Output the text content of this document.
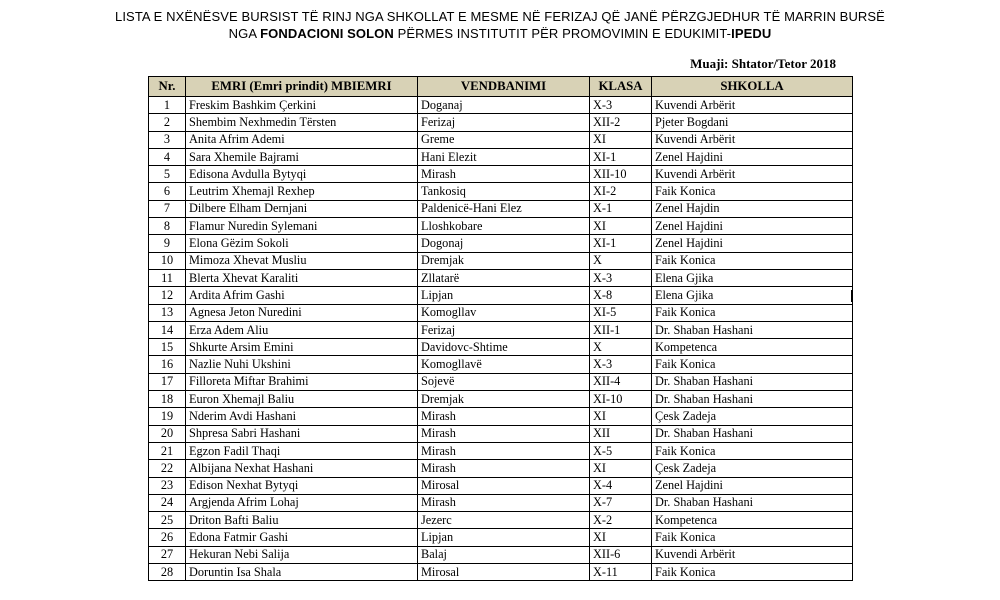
LISTA E NXËNËSVE BURSIST TË RINJ NGA SHKOLLAT E MESME NË FERIZAJ QË JANË PËRZGJEDHUR TË MARRIN BURSË
NGA FONDACIONI SOLON PËRMES INSTITUTIT PËR PROMOVIMIN E EDUKIMIT-IPEDU
Muaji: Shtator/Tetor 2018
Nr.	EMRI (Emri prindit) MBIEMRI	VENDBANIMI	KLASA	SHKOLLA
1	Freskim Bashkim Çerkini	Doganaj	X-3	Kuvendi Arbërit
2	Shembim Nexhmedin Tërsten	Ferizaj	XII-2	Pjeter Bogdani
3	Anita Afrim Ademi	Greme	XI	Kuvendi Arbërit
4	Sara Xhemile Bajrami	Hani Elezit	XI-1	Zenel Hajdini
5	Edisona Avdulla Bytyqi	Mirash	XII-10	Kuvendi Arbërit
6	Leutrim Xhemajl Rexhep	Tankosiq	XI-2	Faik Konica
7	Dilbere Elham Dernjani	Paldenicë-Hani Elez	X-1	Zenel Hajdin
8	Flamur Nuredin Sylemani	Lloshkobare	XI	Zenel Hajdini
9	Elona Gëzim Sokoli	Dogonaj	XI-1	Zenel Hajdini
10	Mimoza Xhevat Musliu	Dremjak	X	Faik Konica
11	Blerta Xhevat Karaliti	Zllatarë	X-3	Elena Gjika
12	Ardita Afrim Gashi	Lipjan	X-8	Elena Gjika
13	Agnesa Jeton Nuredini	Komogllav	XI-5	Faik Konica
14	Erza Adem Aliu	Ferizaj	XII-1	Dr. Shaban Hashani
15	Shkurte Arsim Emini	Davidovc-Shtime	X	Kompetenca
16	Nazlie Nuhi Ukshini	Komogllavë	X-3	Faik Konica
17	Filloreta Miftar Brahimi	Sojevë	XII-4	Dr. Shaban Hashani
18	Euron Xhemajl Baliu	Dremjak	XI-10	Dr. Shaban Hashani
19	Nderim Avdi Hashani	Mirash	XI	Çesk Zadeja
20	Shpresa Sabri Hashani	Mirash	XII	Dr. Shaban Hashani
21	Egzon Fadil Thaqi	Mirash	X-5	Faik Konica
22	Albijana Nexhat Hashani	Mirash	XI	Çesk Zadeja
23	Edison Nexhat Bytyqi	Mirosal	X-4	Zenel Hajdini
24	Argjenda Afrim Lohaj	Mirash	X-7	Dr. Shaban Hashani
25	Driton Bafti Baliu	Jezerc	X-2	Kompetenca
26	Edona Fatmir Gashi	Lipjan	XI	Faik Konica
27	Hekuran Nebi Salija	Balaj	XII-6	Kuvendi Arbërit
28	Doruntin Isa Shala	Mirosal	X-11	Faik Konica
